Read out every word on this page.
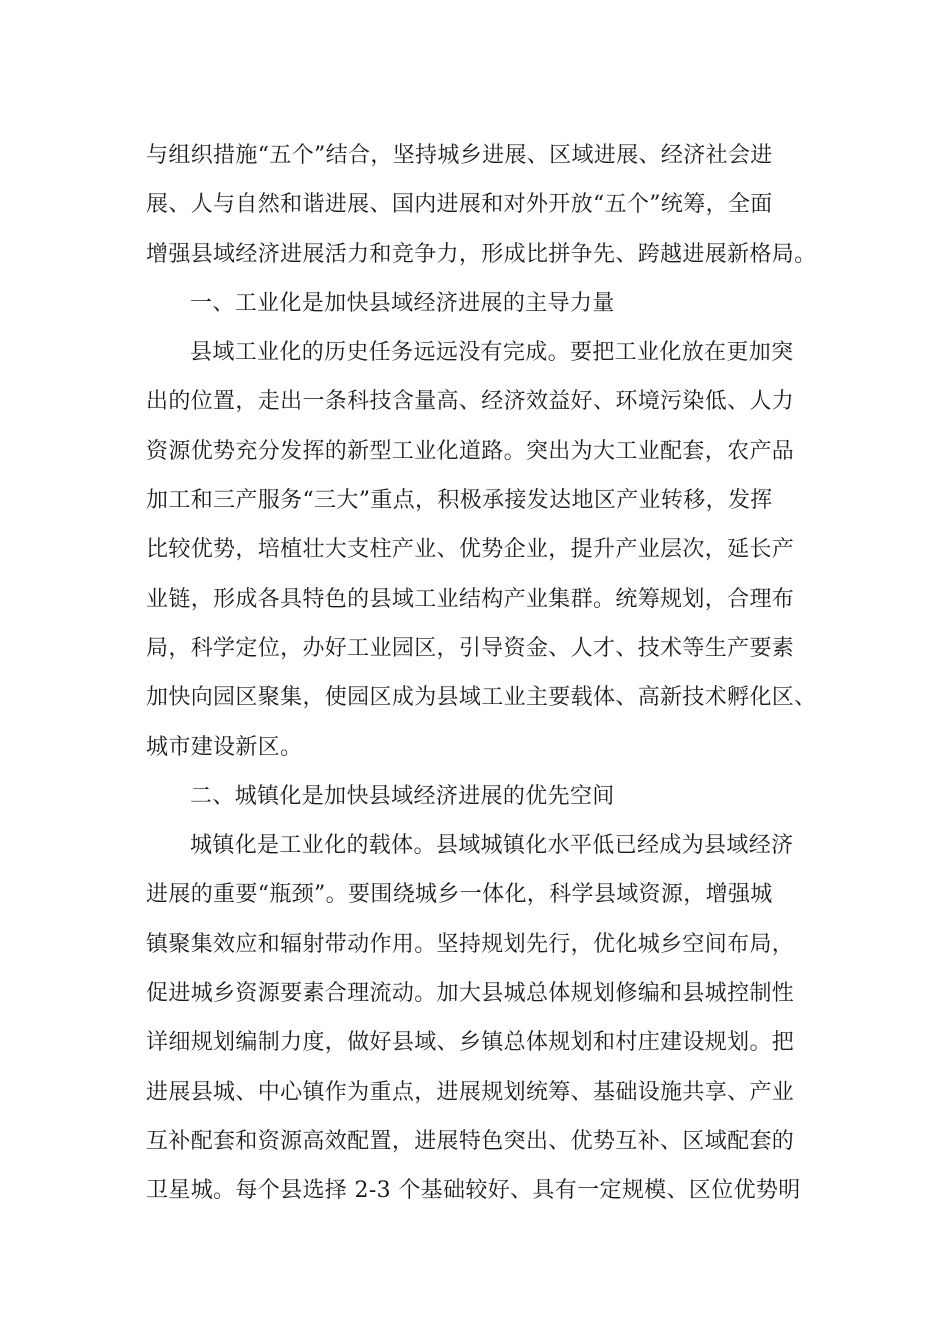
与组织措施“五个”结合，坚持城乡进展、区域进展、经济社会进
展、人与自然和谐进展、国内进展和对外开放“五个”统筹，全面
增强县域经济进展活力和竞争力，形成比拼争先、跨越进展新格局。
一、工业化是加快县域经济进展的主导力量
县域工业化的历史任务远远没有完成。要把工业化放在更加突
出的位置，走出一条科技含量高、经济效益好、环境污染低、人力
资源优势充分发挥的新型工业化道路。突出为大工业配套，农产品
加工和三产服务“三大”重点，积极承接发达地区产业转移，发挥
比较优势，培植壮大支柱产业、优势企业，提升产业层次，延长产
业链，形成各具特色的县域工业结构产业集群。统筹规划，合理布
局，科学定位，办好工业园区，引导资金、人才、技术等生产要素
加快向园区聚集，使园区成为县域工业主要载体、高新技术孵化区、
城市建设新区。
二、城镇化是加快县域经济进展的优先空间
城镇化是工业化的载体。县域城镇化水平低已经成为县域经济
进展的重要“瓶颈”。要围绕城乡一体化，科学县域资源，增强城
镇聚集效应和辐射带动作用。坚持规划先行，优化城乡空间布局，
促进城乡资源要素合理流动。加大县城总体规划修编和县城控制性
详细规划编制力度，做好县域、乡镇总体规划和村庄建设规划。把
进展县城、中心镇作为重点，进展规划统筹、基础设施共享、产业
互补配套和资源高效配置，进展特色突出、优势互补、区域配套的
卫星城。每个县选择 2-3 个基础较好、具有一定规模、区位优势明
